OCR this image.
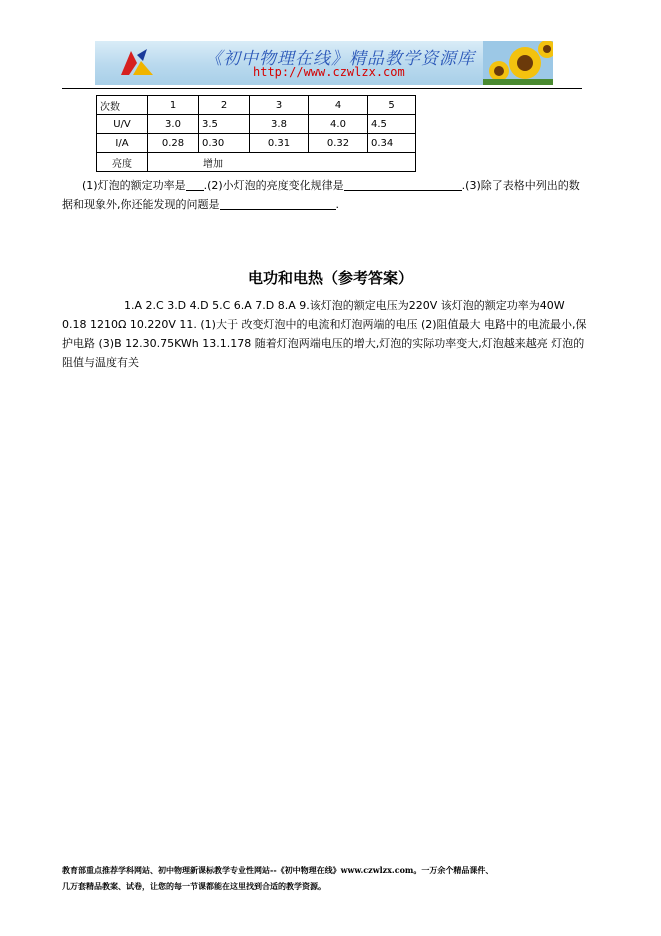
《初中物理在线》精品教学资源库
http://www.czwlzx.com
次数	1	2	3	4	5
U/V	3.0	3.5	3.8	4.0	4.5
I/A	0.28	0.30	0.31	0.32	0.34
亮度	增加				
(1)灯泡的额定功率是 .(2)小灯泡的亮度变化规律是	.(3)除了表格中列出的数据和现象外,你还能发现的问题是	.
电功和电热（参考答案）
1.A 2.C 3.D 4.D 5.C 6.A 7.D 8.A 9.该灯泡的额定电压为220V 该灯泡的额定功率为40W 0.18 1210Ω 10.220V 11. (1)大于 改变灯泡中的电流和灯泡两端的电压 (2)阻值最大 电路中的电流最小,保护电路 (3)B 12.30.75KWh 13.1.178 随着灯泡两端电压的增大,灯泡的实际功率变大,灯泡越来越亮 灯泡的阻值与温度有关
教育部重点推荐学科网站、初中物理新课标教学专业性网站--《初中物理在线》www.czwlzx.com。一万余个精品课件、
几万套精品教案、试卷，让您的每一节课都能在这里找到合适的教学资源。
